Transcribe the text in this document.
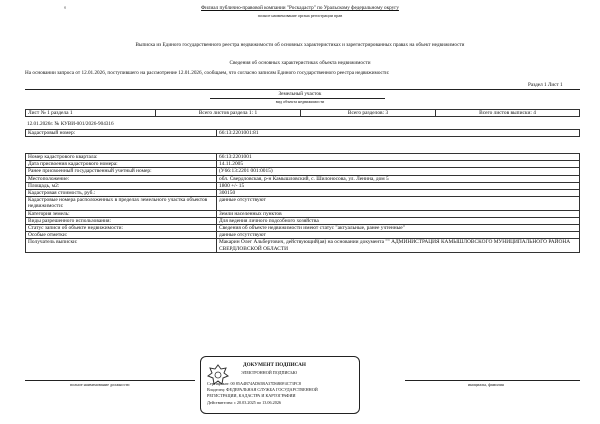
б	Филиал публично-правовой компании "Роскадастр" по Уральскому федеральному округу
полное наименование органа регистрации прав
Выписка из Единого государственного реестра недвижимости об основных характеристиках и зарегистрированных правах на объект недвижимости
Сведения об основных характеристиках объекта недвижимости
На основании запроса от 12.01.2026, поступившего на рассмотрение 12.01.2026, сообщаем, что согласно записям Единого государственного реестра недвижимости:
Раздел 1 Лист 1
Земельный участок
вид объекта недвижимости
Лист № 1 раздела 1	Всего листов раздела 1: 1	Всего разделов: 3	Всего листов выписки: 4
12.01.2026г. № КУВИ-001/2026-904316
Кадастровый номер:	66:13:2201001:81
Номер кадастрового квартала:	66:13:2201001
Дата присвоения кадастрового номера:	14.11.2005
Ранее присвоенный государственный учетный номер:	(У66:13:2201 001:0015)
Местоположение:	обл. Свердловская, р-н Камышловский, с. Шилоносова, ул. Ленина, дом 5
Площадь, м2:	1800 +/- 15
Кадастровая стоимость, руб.:	300150
Кадастровые номера расположенных в пределах земельного участка объектов недвижимости:	данные отсутствуют
Категория земель:	Земли населенных пунктов
Виды разрешенного использования:	Для ведения личного подсобного хозяйства
Статус записи об объекте недвижимости:	Сведения об объекте недвижимости имеют статус "актуальные, ранее учтенные"
Особые отметки:	данные отсутствуют
Получатель выписки:	Макарин Олег Альбертович, действующий(ая) на основании документа "" АДМИНИСТРАЦИЯ КАМЫШЛОВСКОГО МУНИЦИПАЛЬНОГО РАЙОНА СВЕРДЛОВСКОЙ ОБЛАСТИ
полное наименование должности	инициалы, фамилия
ДОКУМЕНТ ПОДПИСАН
ЭЛЕКТРОННОЙ ПОДПИСЬЮ
Сертификат: 00 85A4B74AD65BA37D6B0F4C73FC8
Владелец: ФЕДЕРАЛЬНАЯ СЛУЖБА ГОСУДАРСТВЕННОЙ
РЕГИСТРАЦИИ, КАДАСТРА И КАРТОГРАФИИ
Действителен: с 20.03.2025 по 13.06.2026
